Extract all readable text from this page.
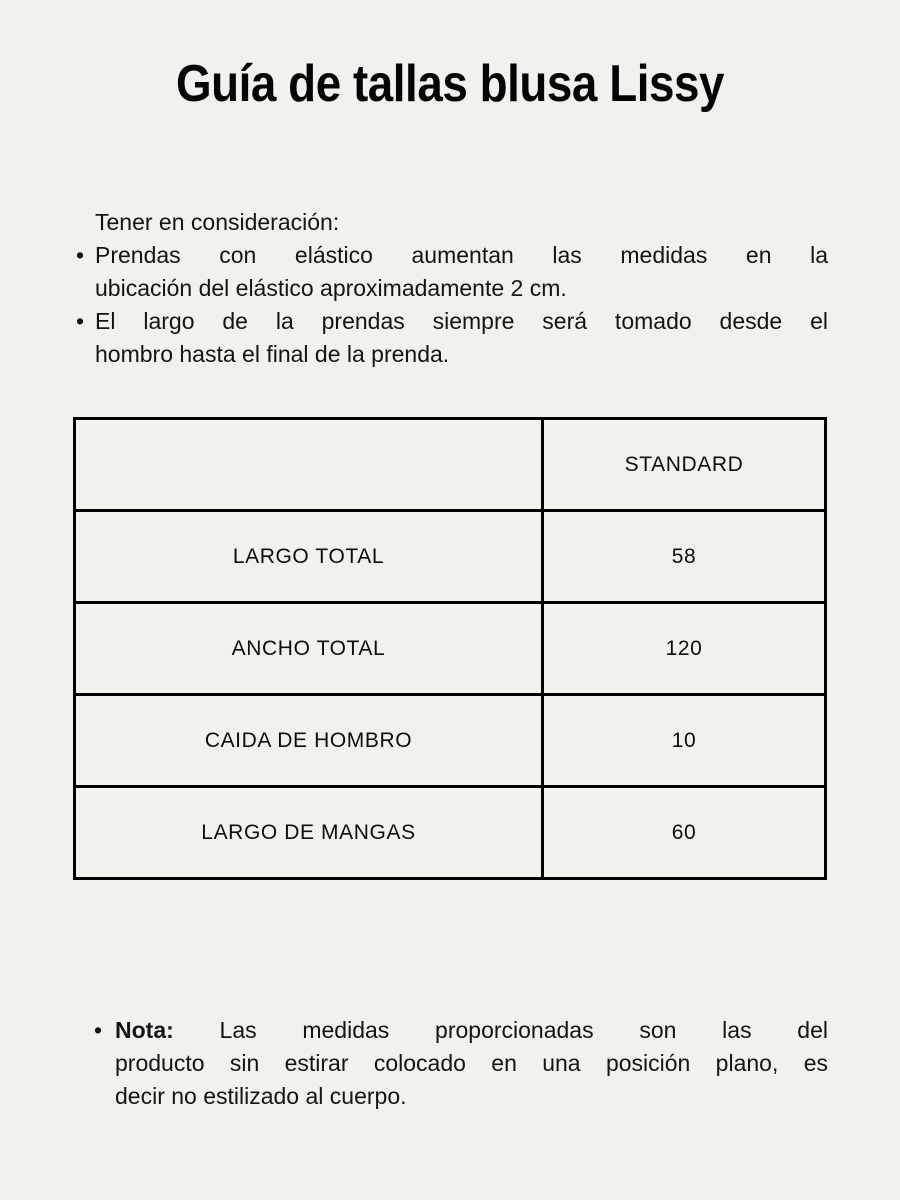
Guía de tallas blusa Lissy
Tener en consideración:
• Prendas con elástico aumentan las medidas en la
ubicación del elástico aproximadamente 2 cm.
• El largo de la prendas siempre será tomado desde el
hombro hasta el final de la prenda.
	STANDARD
LARGO TOTAL	58
ANCHO TOTAL	120
CAIDA DE HOMBRO	10
LARGO DE MANGAS	60
• Nota: Las medidas proporcionadas son las del
producto sin estirar colocado en una posición plano, es
decir no estilizado al cuerpo.
